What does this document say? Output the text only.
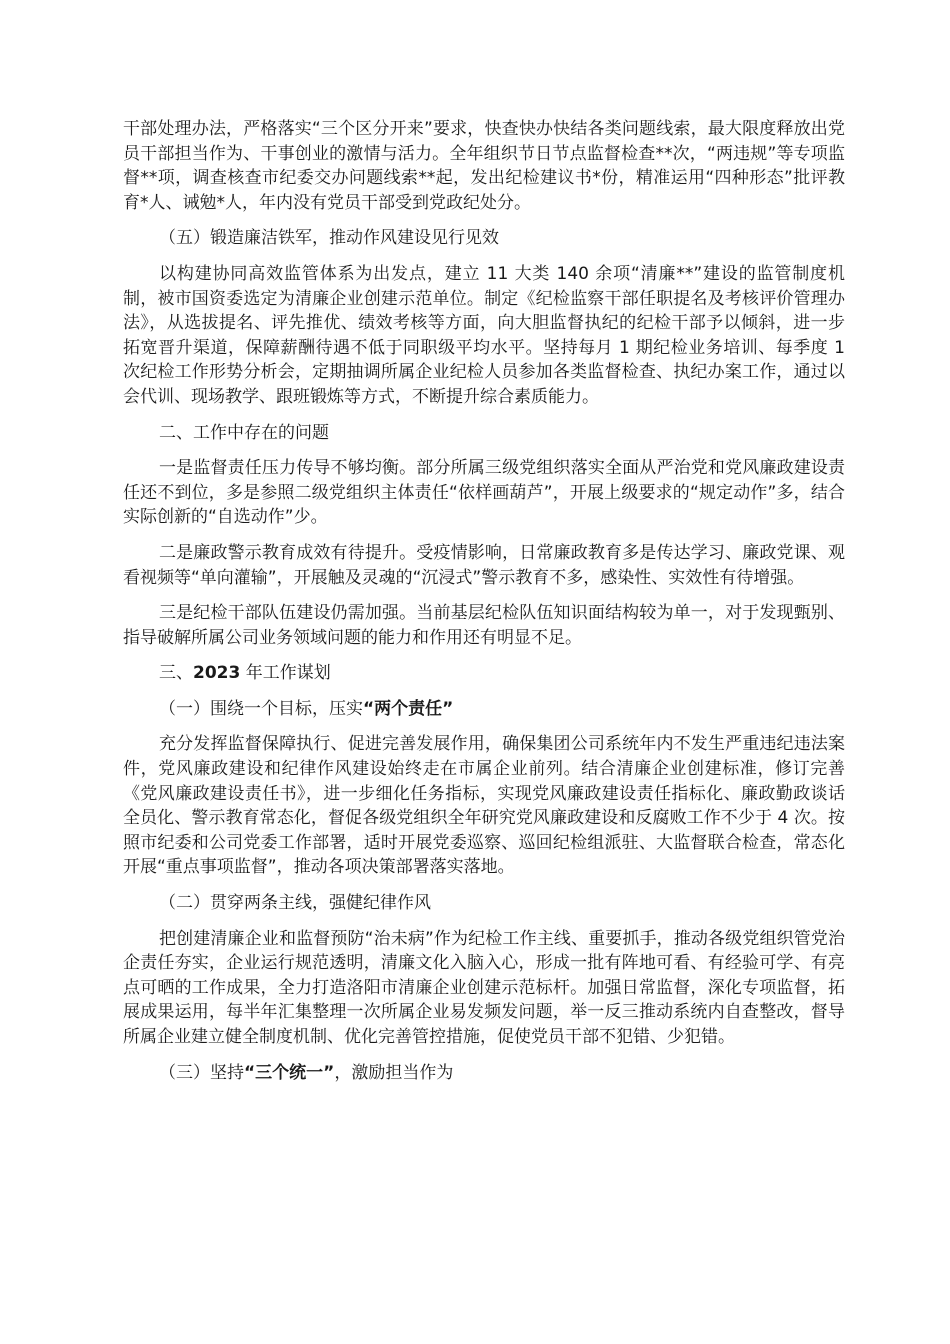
干部处理办法，严格落实“三个区分开来”要求，快查快办快结各类问题线索，最大限度释放出党员干部担当作为、干事创业的激情与活力。全年组织节日节点监督检查**次，“两违规”等专项监督**项，调查核查市纪委交办问题线索**起，发出纪检建议书*份，精准运用“四种形态”批评教育*人、诫勉*人，年内没有党员干部受到党政纪处分。

（五）锻造廉洁铁军，推动作风建设见行见效

以构建协同高效监管体系为出发点，建立 11 大类 140 余项“清廉**”建设的监管制度机制，被市国资委选定为清廉企业创建示范单位。制定《纪检监察干部任职提名及考核评价管理办法》，从选拔提名、评先推优、绩效考核等方面，向大胆监督执纪的纪检干部予以倾斜，进一步拓宽晋升渠道，保障薪酬待遇不低于同职级平均水平。坚持每月 1 期纪检业务培训、每季度 1 次纪检工作形势分析会，定期抽调所属企业纪检人员参加各类监督检查、执纪办案工作，通过以会代训、现场教学、跟班锻炼等方式，不断提升综合素质能力。

二、工作中存在的问题

一是监督责任压力传导不够均衡。部分所属三级党组织落实全面从严治党和党风廉政建设责任还不到位，多是参照二级党组织主体责任“依样画葫芦”，开展上级要求的“规定动作”多，结合实际创新的“自选动作”少。

二是廉政警示教育成效有待提升。受疫情影响，日常廉政教育多是传达学习、廉政党课、观看视频等“单向灌输”，开展触及灵魂的“沉浸式”警示教育不多，感染性、实效性有待增强。

三是纪检干部队伍建设仍需加强。当前基层纪检队伍知识面结构较为单一，对于发现甄别、指导破解所属公司业务领域问题的能力和作用还有明显不足。

三、2023 年工作谋划

（一）围绕一个目标，压实“两个责任”

充分发挥监督保障执行、促进完善发展作用，确保集团公司系统年内不发生严重违纪违法案件，党风廉政建设和纪律作风建设始终走在市属企业前列。结合清廉企业创建标准，修订完善《党风廉政建设责任书》，进一步细化任务指标，实现党风廉政建设责任指标化、廉政勤政谈话全员化、警示教育常态化，督促各级党组织全年研究党风廉政建设和反腐败工作不少于 4 次。按照市纪委和公司党委工作部署，适时开展党委巡察、巡回纪检组派驻、大监督联合检查，常态化开展“重点事项监督”，推动各项决策部署落实落地。

（二）贯穿两条主线，强健纪律作风

把创建清廉企业和监督预防“治未病”作为纪检工作主线、重要抓手，推动各级党组织管党治企责任夯实，企业运行规范透明，清廉文化入脑入心，形成一批有阵地可看、有经验可学、有亮点可晒的工作成果，全力打造洛阳市清廉企业创建示范标杆。加强日常监督，深化专项监督，拓展成果运用，每半年汇集整理一次所属企业易发频发问题，举一反三推动系统内自查整改，督导所属企业建立健全制度机制、优化完善管控措施，促使党员干部不犯错、少犯错。

（三）坚持“三个统一”，激励担当作为
